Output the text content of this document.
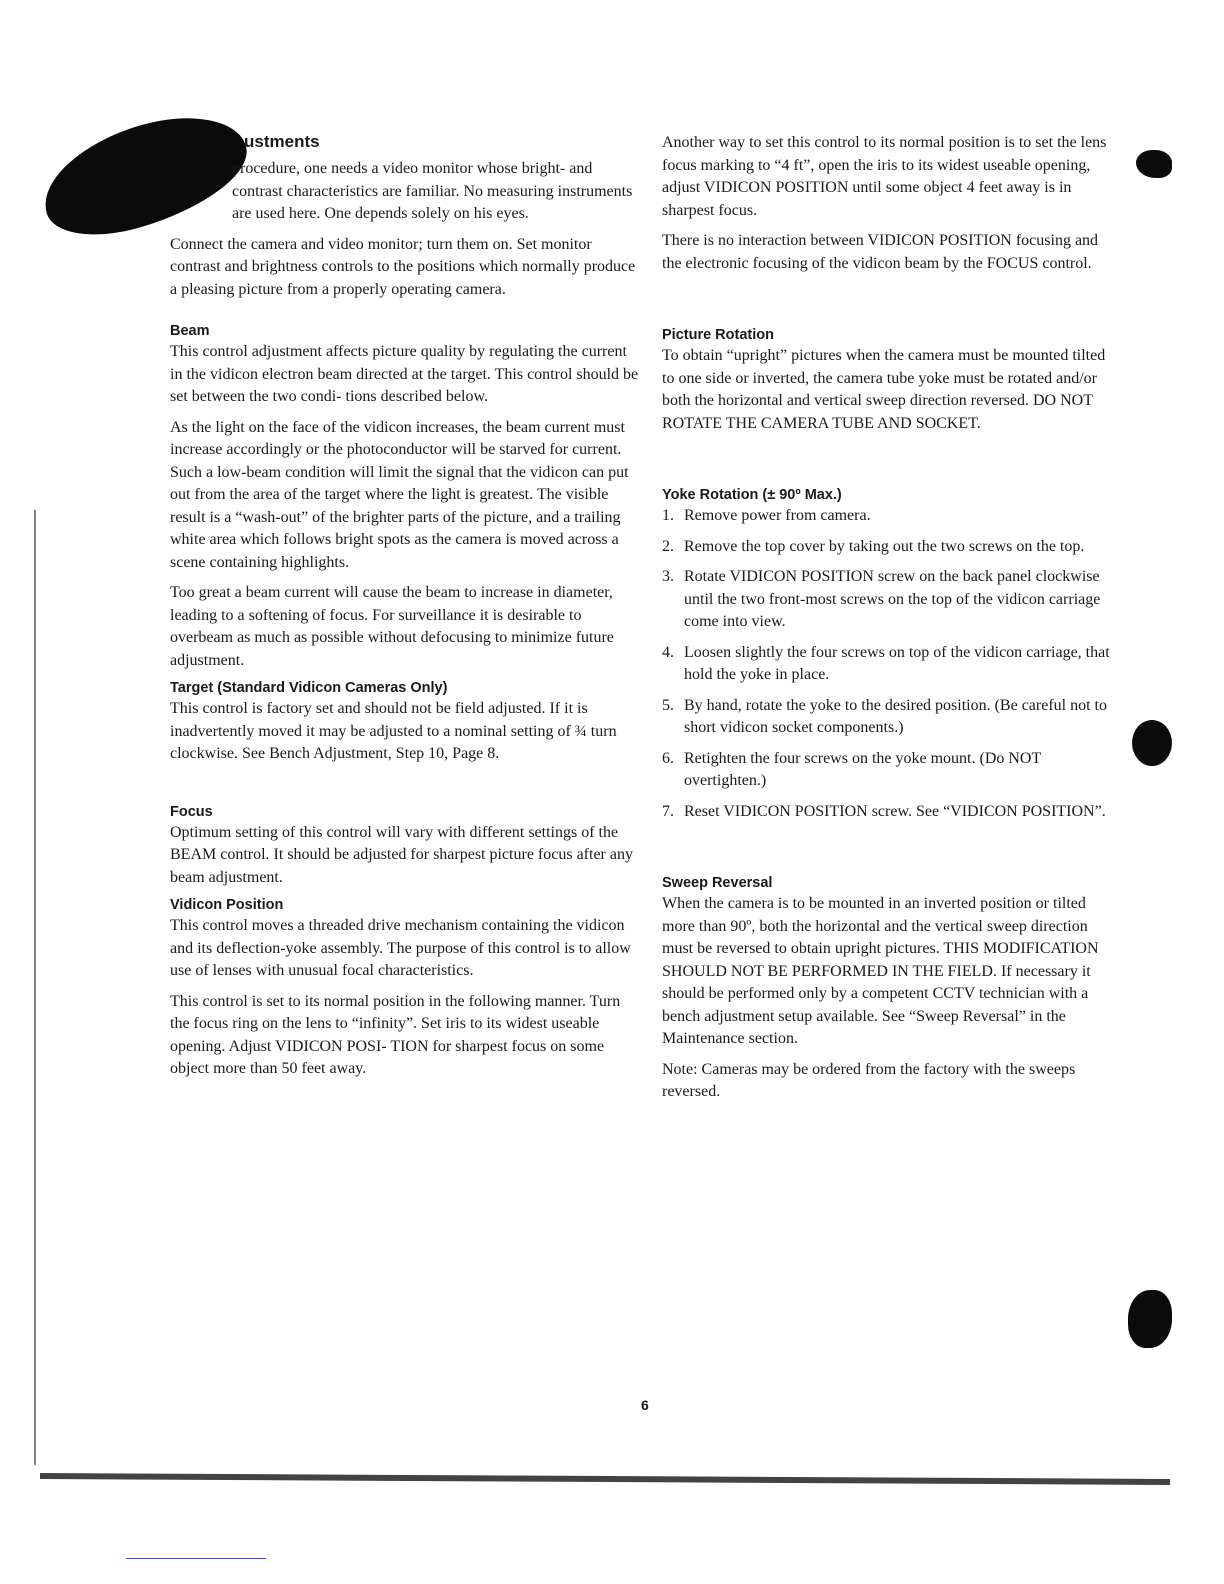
ustments

procedure, one needs a video monitor whose bright- and contrast characteristics are familiar. No measuring instruments are used here. One depends solely on his eyes.

Connect the camera and video monitor; turn them on. Set monitor contrast and brightness controls to the positions which normally produce a pleasing picture from a properly operating camera.

Beam

This control adjustment affects picture quality by regulating the current in the vidicon electron beam directed at the target. This control should be set between the two condi- tions described below.

As the light on the face of the vidicon increases, the beam current must increase accordingly or the photoconductor will be starved for current. Such a low-beam condition will limit the signal that the vidicon can put out from the area of the target where the light is greatest. The visible result is a “wash-out” of the brighter parts of the picture, and a trailing white area which follows bright spots as the camera is moved across a scene containing highlights.

Too great a beam current will cause the beam to increase in diameter, leading to a softening of focus. For surveillance it is desirable to overbeam as much as possible without defocusing to minimize future adjustment.

Target (Standard Vidicon Cameras Only)

This control is factory set and should not be field adjusted. If it is inadvertently moved it may be adjusted to a nominal setting of ¾ turn clockwise. See Bench Adjustment, Step 10, Page 8.

Focus

Optimum setting of this control will vary with different settings of the BEAM control. It should be adjusted for sharpest picture focus after any beam adjustment.

Vidicon Position

This control moves a threaded drive mechanism containing the vidicon and its deflection-yoke assembly. The purpose of this control is to allow use of lenses with unusual focal characteristics.

This control is set to its normal position in the following manner. Turn the focus ring on the lens to “infinity”. Set iris to its widest useable opening. Adjust VIDICON POSI- TION for sharpest focus on some object more than 50 feet away.

Another way to set this control to its normal position is to set the lens focus marking to “4 ft”, open the iris to its widest useable opening, adjust VIDICON POSITION until some object 4 feet away is in sharpest focus.

There is no interaction between VIDICON POSITION focusing and the electronic focusing of the vidicon beam by the FOCUS control.

Picture Rotation

To obtain “upright” pictures when the camera must be mounted tilted to one side or inverted, the camera tube yoke must be rotated and/or both the horizontal and vertical sweep direction reversed. DO NOT ROTATE THE CAMERA TUBE AND SOCKET.

Yoke Rotation (± 90º Max.)
1. Remove power from camera.
2. Remove the top cover by taking out the two screws on the top.
3. Rotate VIDICON POSITION screw on the back panel clockwise until the two front-most screws on the top of the vidicon carriage come into view.
4. Loosen slightly the four screws on top of the vidicon carriage, that hold the yoke in place.
5. By hand, rotate the yoke to the desired position. (Be careful not to short vidicon socket components.)
6. Retighten the four screws on the yoke mount. (Do NOT overtighten.)
7. Reset VIDICON POSITION screw. See “VIDICON POSITION”.
Sweep Reversal

When the camera is to be mounted in an inverted position or tilted more than 90º, both the horizontal and the vertical sweep direction must be reversed to obtain upright pictures. THIS MODIFICATION SHOULD NOT BE PERFORMED IN THE FIELD. If necessary it should be performed only by a competent CCTV technician with a bench adjustment setup available. See “Sweep Reversal” in the Maintenance section.

Note: Cameras may be ordered from the factory with the sweeps reversed.

6
